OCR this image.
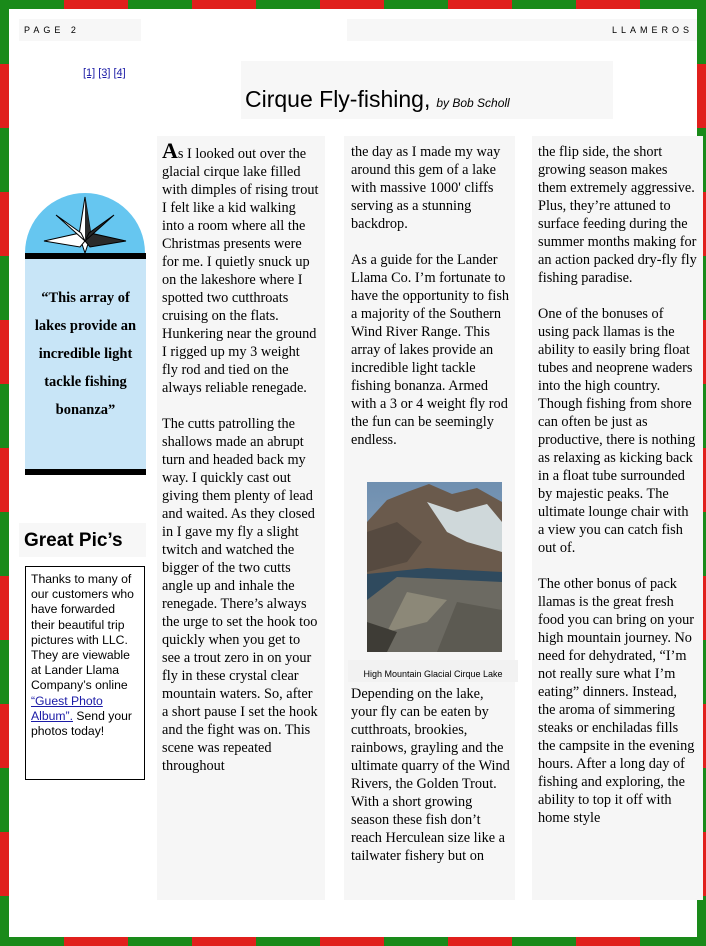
PAGE 2	LLAMEROS
[1] [3] [4]
Cirque Fly-fishing, by Bob Scholl
“This array of lakes provide an incredible light tackle fishing bonanza”
Great Pic’s
Thanks to many of our customers who have forwarded their beautiful trip pictures with LLC. They are viewable at Lander Llama Company’s online “Guest Photo Album”. Send your photos today!

As I looked out over the glacial cirque lake filled with dimples of rising trout I felt like a kid walking into a room where all the Christmas presents were for me. I quietly snuck up on the lakeshore where I spotted two cutthroats cruising on the flats. Hunkering near the ground I rigged up my 3 weight fly rod and tied on the always reliable renegade.

The cutts patrolling the shallows made an abrupt turn and headed back my way. I quickly cast out giving them plenty of lead and waited. As they closed in I gave my fly a slight twitch and watched the bigger of the two cutts angle up and inhale the renegade. There’s always the urge to set the hook too quickly when you get to see a trout zero in on your fly in these crystal clear mountain waters. So, after a short pause I set the hook and the fight was on. This scene was repeated throughout

the day as I made my way around this gem of a lake with massive 1000' cliffs serving as a stunning backdrop.

As a guide for the Lander Llama Co. I’m fortunate to have the opportunity to fish a majority of the Southern Wind River Range. This array of lakes provide an incredible light tackle fishing bonanza. Armed with a 3 or 4 weight fly rod the fun can be seemingly endless.

Depending on the lake, your fly can be eaten by cutthroats, brookies, rainbows, grayling and the ultimate quarry of the Wind Rivers, the Golden Trout. With a short growing season these fish don’t reach Herculean size like a tailwater fishery but on

High Mountain Glacial Cirque Lake

the flip side, the short growing season makes them extremely aggressive. Plus, they’re attuned to surface feeding during the summer months making for an action packed dry-fly fly fishing paradise.

One of the bonuses of using pack llamas is the ability to easily bring float tubes and neoprene waders into the high country. Though fishing from shore can often be just as productive, there is nothing as relaxing as kicking back in a float tube surrounded by majestic peaks. The ultimate lounge chair with a view you can catch fish out of.

The other bonus of pack llamas is the great fresh food you can bring on your high mountain journey. No need for dehydrated, “I’m not really sure what I’m eating” dinners. Instead, the aroma of simmering steaks or enchiladas fills the campsite in the evening hours. After a long day of fishing and exploring, the ability to top it off with home style
